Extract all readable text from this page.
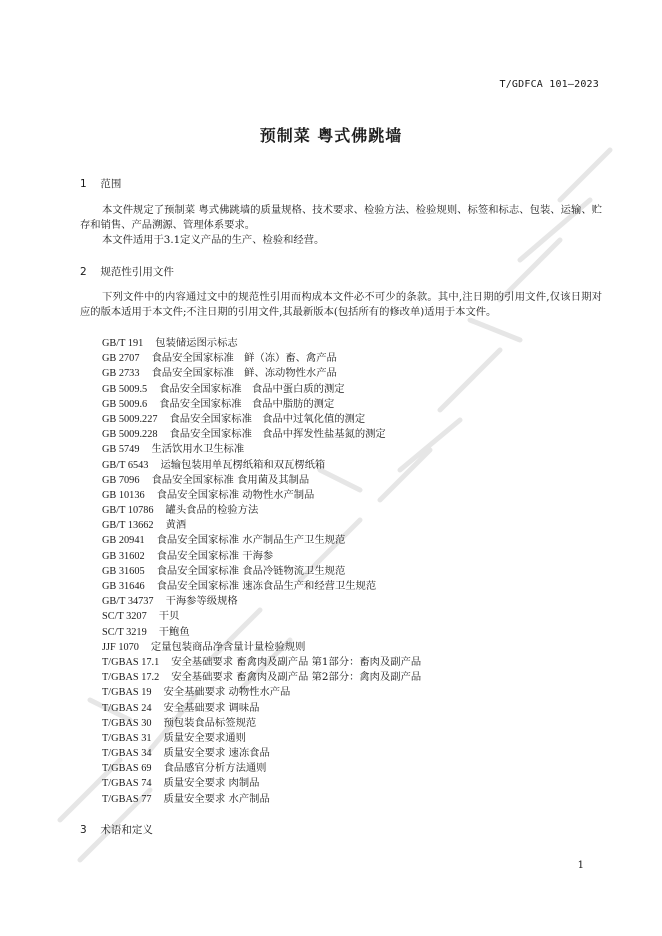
T/GDFCA 101—2023
预制菜 粤式佛跳墙
1 范围

本文件规定了预制菜 粤式佛跳墙的质量规格、技术要求、检验方法、检验规则、标签和标志、包装、运输、贮存和销售、产品溯源、管理体系要求。

本文件适用于3.1定义产品的生产、检验和经营。

2 规范性引用文件

下列文件中的内容通过文中的规范性引用而构成本文件必不可少的条款。其中,注日期的引用文件,仅该日期对应的版本适用于本文件;不注日期的引用文件,其最新版本(包括所有的修改单)适用于本文件。

GB/T 191 包装储运图示标志
GB 2707 食品安全国家标准　鲜（冻）畜、禽产品
GB 2733 食品安全国家标准　鲜、冻动物性水产品
GB 5009.5 食品安全国家标准　食品中蛋白质的测定
GB 5009.6 食品安全国家标准　食品中脂肪的测定
GB 5009.227 食品安全国家标准　食品中过氧化值的测定
GB 5009.228 食品安全国家标准　食品中挥发性盐基氮的测定
GB 5749 生活饮用水卫生标准
GB/T 6543 运输包装用单瓦楞纸箱和双瓦楞纸箱
GB 7096 食品安全国家标准 食用菌及其制品
GB 10136 食品安全国家标准 动物性水产制品
GB/T 10786 罐头食品的检验方法
GB/T 13662 黄酒
GB 20941 食品安全国家标准 水产制品生产卫生规范
GB 31602 食品安全国家标准 干海参
GB 31605 食品安全国家标准 食品冷链物流卫生规范
GB 31646 食品安全国家标准 速冻食品生产和经营卫生规范
GB/T 34737 干海参等级规格
SC/T 3207 干贝
SC/T 3219 干鲍鱼
JJF 1070 定量包装商品净含量计量检验规则
T/GBAS 17.1 安全基础要求 畜禽肉及副产品 第1部分：畜肉及副产品
T/GBAS 17.2 安全基础要求 畜禽肉及副产品 第2部分：禽肉及副产品
T/GBAS 19 安全基础要求 动物性水产品
T/GBAS 24 安全基础要求 调味品
T/GBAS 30 预包装食品标签规范
T/GBAS 31 质量安全要求通则
T/GBAS 34 质量安全要求 速冻食品
T/GBAS 69 食品感官分析方法通则
T/GBAS 74 质量安全要求 肉制品
T/GBAS 77 质量安全要求 水产制品
3 术语和定义
1
